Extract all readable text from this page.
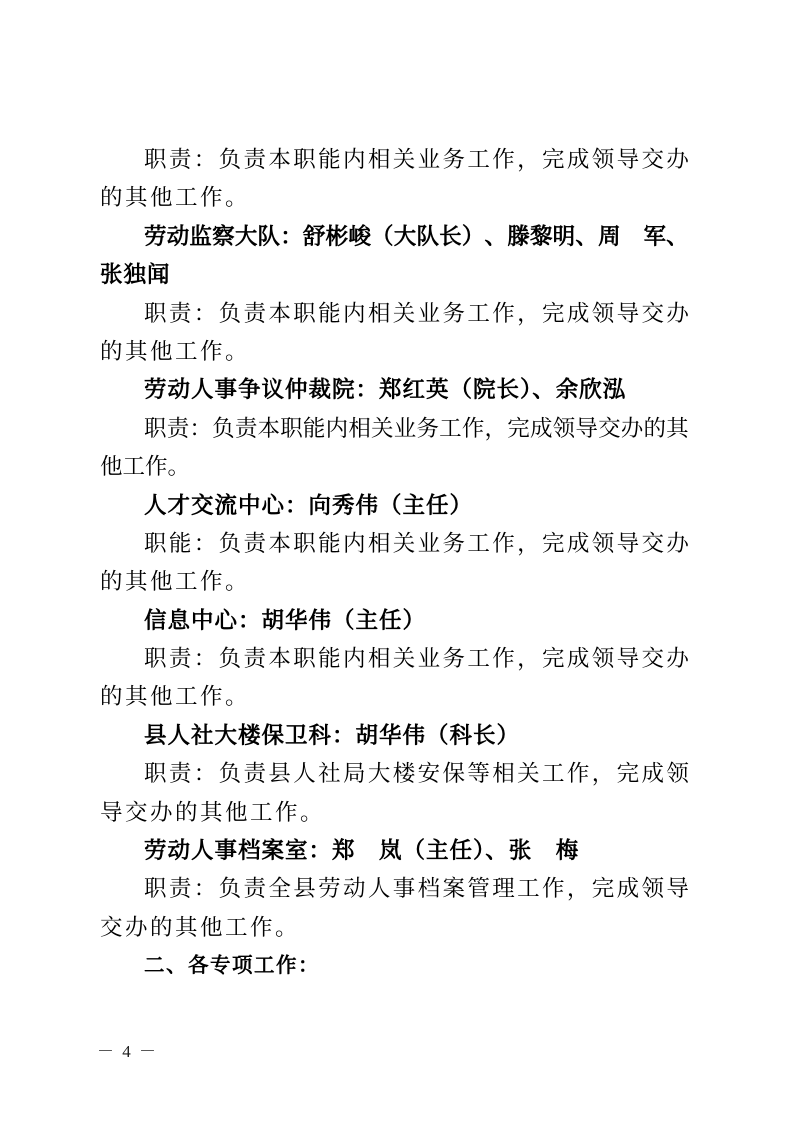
职 责 ： 负 责 本 职 能 内 相 关 业 务 工 作 ， 完 成 领 导 交 办
的其他工作。
劳 动 监 察 大 队 ： 舒 彬 峻 （ 大 队 长 ） 、 滕 黎 明 、 周
　 军 、
张独闻
职 责 ： 负 责 本 职 能 内 相 关 业 务 工 作 ， 完 成 领 导 交 办
的其他工作。
劳动人事争议仲裁院：郑红英（院长）、余欣泓
职 责 ： 负 责 本 职 能 内 相 关 业 务 工 作 ， 完 成 领 导 交 办 的 其
他工作。
人才交流中心：向秀伟（主任）
职 能 ： 负 责 本 职 能 内 相 关 业 务 工 作 ， 完 成 领 导 交 办
的其他工作。
信息中心：胡华伟（主任）
职 责 ： 负 责 本 职 能 内 相 关 业 务 工 作 ， 完 成 领 导 交 办
的其他工作。
县人社大楼保卫科：胡华伟（科长）
职 责 ： 负 责 县 人 社 局 大 楼 安 保 等 相 关 工 作 ， 完 成 领
导交办的其他工作。
劳动人事档案室：郑　岚（主任）、张　梅
职 责 ： 负 责 全 县 劳 动 人 事 档 案 管 理 工 作 ， 完 成 领 导
交办的其他工作。
二、各专项工作：
－ 4 －
